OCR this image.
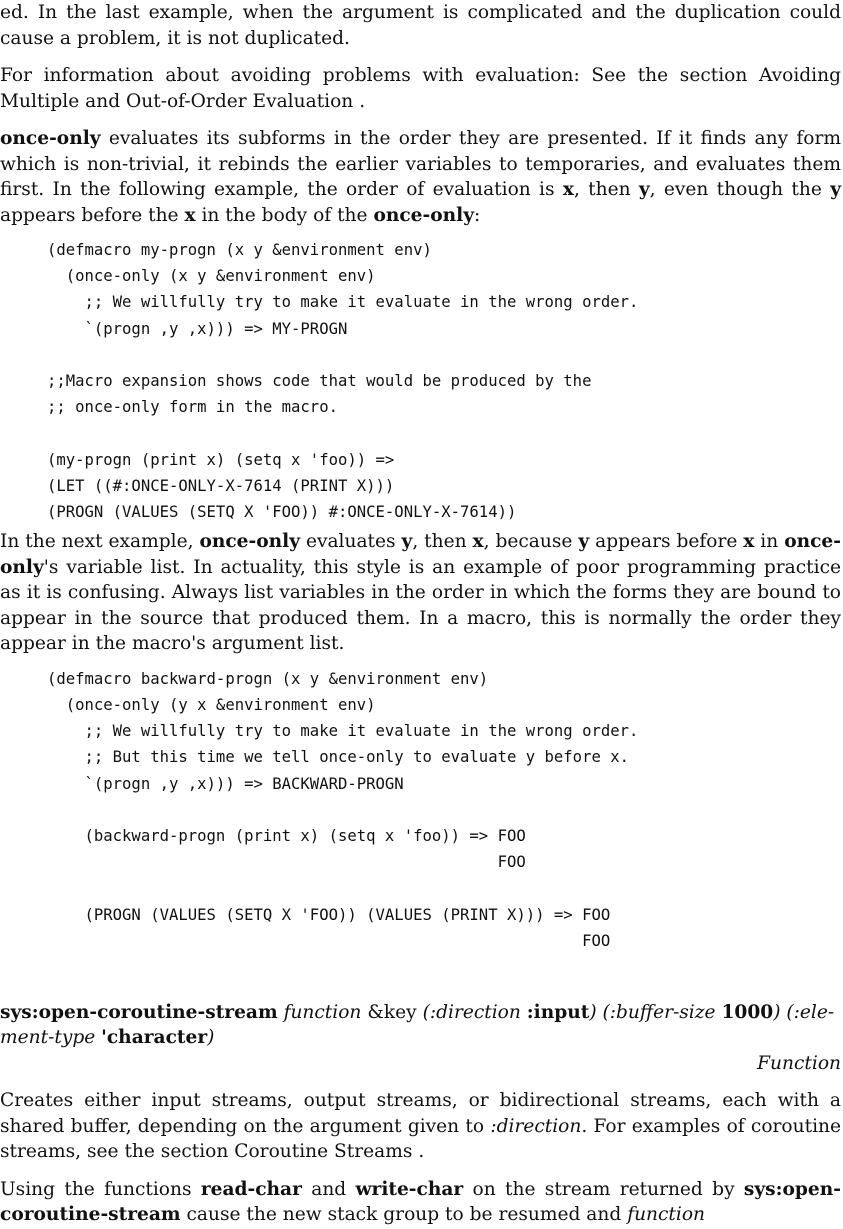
ed. In the last example, when the argument is complicated and the duplication could cause a problem, it is not duplicated.

For information about avoiding problems with evaluation: See the section Avoiding Multiple and Out-of-Order Evaluation .

once-only evaluates its subforms in the order they are presented. If it finds any form which is non-trivial, it rebinds the earlier variables to temporaries, and evaluates them first. In the following example, the order of evaluation is x, then y, even though the y appears before the x in the body of the once-only:

(defmacro my-progn (x y &environment env)
(once-only (x y &environment env)
;; We willfully try to make it evaluate in the wrong order.
`(progn ,y ,x))) => MY-PROGN

;;Macro expansion shows code that would be produced by the
;; once-only form in the macro.

(my-progn (print x) (setq x 'foo)) =>
(LET ((#:ONCE-ONLY-X-7614 (PRINT X)))
(PROGN (VALUES (SETQ X 'FOO)) #:ONCE-ONLY-X-7614))

In the next example, once-only evaluates y, then x, because y appears before x in once-only's variable list. In actuality, this style is an example of poor programming practice as it is confusing. Always list variables in the order in which the forms they are bound to appear in the source that produced them. In a macro, this is normally the order they appear in the macro's argument list.

(defmacro backward-progn (x y &environment env)
(once-only (y x &environment env)
;; We willfully try to make it evaluate in the wrong order.
;; But this time we tell once-only to evaluate y before x.
`(progn ,y ,x))) => BACKWARD-PROGN

(backward-progn (print x) (setq x 'foo)) => FOO
FOO

(PROGN (VALUES (SETQ X 'FOO)) (VALUES (PRINT X))) => FOO
FOO
sys:open-coroutine-stream function &key (:direction :input) (:buffer-size 1000) (:ele-ment-type 'character)
Function

Creates either input streams, output streams, or bidirectional streams, each with a shared buffer, depending on the argument given to :direction. For examples of coroutine streams, see the section Coroutine Streams .

Using the functions read-char and write-char on the stream returned by sys:open-coroutine-stream cause the new stack group to be resumed and function
